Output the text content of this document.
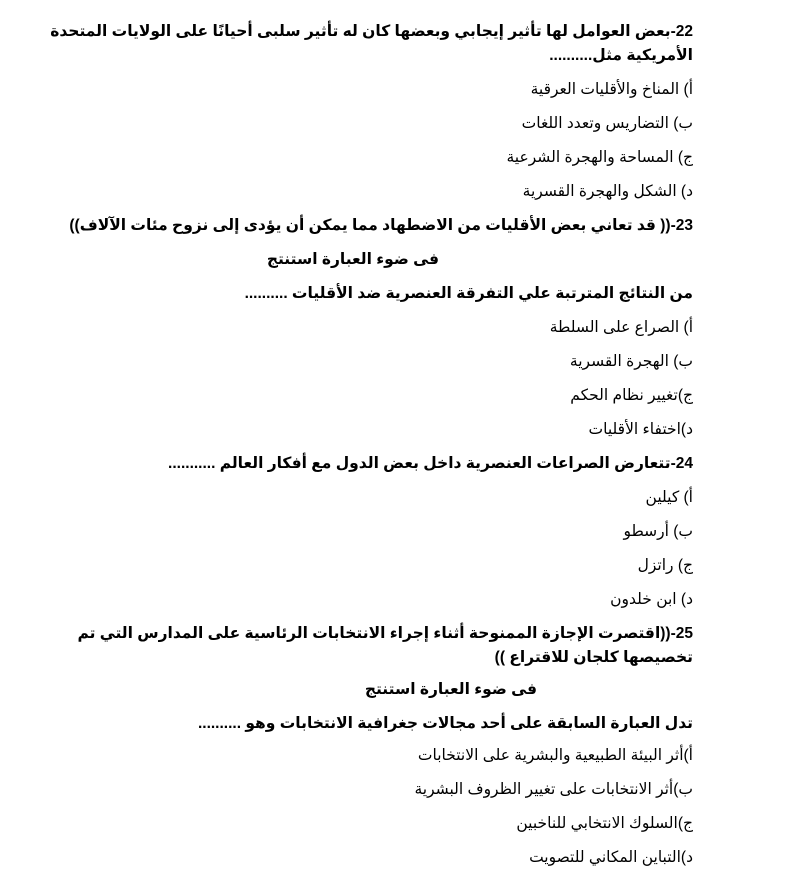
22-بعض العوامل لها تأثير إيجابي وبعضها كان له تأثير سلبى أحيانًا على الولايات المتحدة
الأمريكية مثل..........
أ) المناخ والأقليات العرقية
ب) التضاريس وتعدد اللغات
ج) المساحة والهجرة الشرعية
د) الشكل والهجرة القسرية
23-(( قد تعاني بعض الأقليات من الاضطهاد مما يمكن أن يؤدى إلى نزوح مئات الآلاف))
فى ضوء العبارة استنتج
من النتائج المترتبة علي التفرقة العنصرية ضد الأقليات ..........
أ) الصراع على السلطة
ب) الهجرة القسرية
ج)تغيير نظام الحكم
د)اختفاء الأقليات
24-تتعارض الصراعات العنصرية داخل بعض الدول مع أفكار العالم ...........
أ) كيلين
ب) أرسطو
ج) راتزل
د) ابن خلدون
25-((اقتصرت الإجازة الممنوحة أثناء إجراء الانتخابات الرئاسية على المدارس التي تم
تخصيصها كلجان للاقتراع ))
فى ضوء العبارة استنتج
تدل العبارة السابقة على أحد مجالات جغرافية الانتخابات وهو ..........
أ)أثر البيئة الطبيعية والبشرية على الانتخابات
ب)أثر الانتخابات على تغيير الظروف البشرية
ج)السلوك الانتخابي للناخبين
د)التباين المكاني للتصويت
